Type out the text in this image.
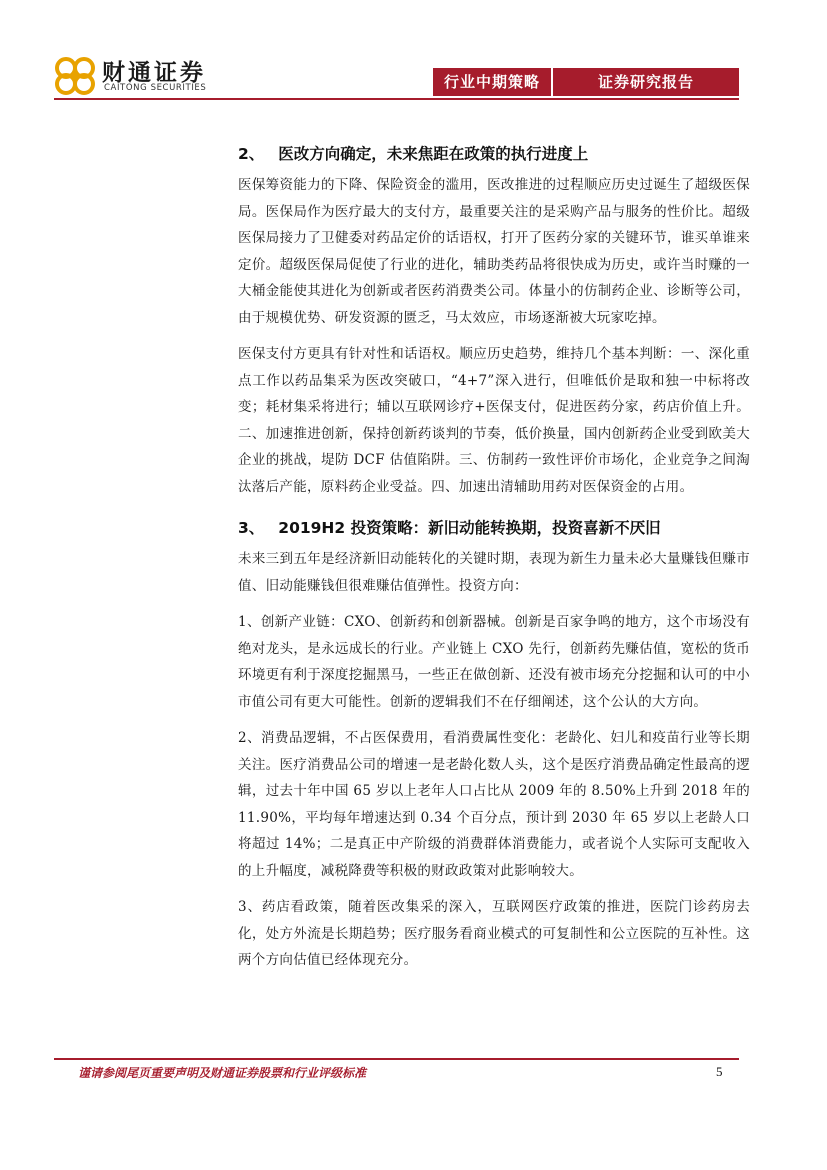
财通证券
CAITONG SECURITIES	行业中期策略	证券研究报告
2、 医改方向确定，未来焦距在政策的执行进度上

医保筹资能力的下降、保险资金的滥用，医改推进的过程顺应历史过诞生了超级医保局。医保局作为医疗最大的支付方，最重要关注的是采购产品与服务的性价比。超级医保局接力了卫健委对药品定价的话语权，打开了医药分家的关键环节，谁买单谁来定价。超级医保局促使了行业的进化，辅助类药品将很快成为历史，或许当时赚的一大桶金能使其进化为创新或者医药消费类公司。体量小的仿制药企业、诊断等公司，由于规模优势、研发资源的匮乏，马太效应，市场逐渐被大玩家吃掉。

医保支付方更具有针对性和话语权。顺应历史趋势，维持几个基本判断：一、深化重点工作以药品集采为医改突破口，“4+7”深入进行，但唯低价是取和独一中标将改变；耗材集采将进行；辅以互联网诊疗+医保支付，促进医药分家，药店价值上升。二、加速推进创新，保持创新药谈判的节奏，低价换量，国内创新药企业受到欧美大企业的挑战，堤防 DCF 估值陷阱。三、仿制药一致性评价市场化，企业竞争之间淘汰落后产能，原料药企业受益。四、加速出清辅助用药对医保资金的占用。

3、 2019H2 投资策略：新旧动能转换期，投资喜新不厌旧

未来三到五年是经济新旧动能转化的关键时期，表现为新生力量未必大量赚钱但赚市值、旧动能赚钱但很难赚估值弹性。投资方向：

1、创新产业链：CXO、创新药和创新器械。创新是百家争鸣的地方，这个市场没有绝对龙头，是永远成长的行业。产业链上 CXO 先行，创新药先赚估值，宽松的货币环境更有利于深度挖掘黑马，一些正在做创新、还没有被市场充分挖掘和认可的中小市值公司有更大可能性。创新的逻辑我们不在仔细阐述，这个公认的大方向。

2、消费品逻辑，不占医保费用，看消费属性变化：老龄化、妇儿和疫苗行业等长期关注。医疗消费品公司的增速一是老龄化数人头，这个是医疗消费品确定性最高的逻辑，过去十年中国 65 岁以上老年人口占比从 2009 年的 8.50%上升到 2018 年的 11.90%，平均每年增速达到 0.34 个百分点，预计到 2030 年 65 岁以上老龄人口将超过 14%；二是真正中产阶级的消费群体消费能力，或者说个人实际可支配收入的上升幅度，减税降费等积极的财政政策对此影响较大。

3、药店看政策，随着医改集采的深入，互联网医疗政策的推进，医院门诊药房去化，处方外流是长期趋势；医疗服务看商业模式的可复制性和公立医院的互补性。这两个方向估值已经体现充分。

谨请参阅尾页重要声明及财通证券股票和行业评级标准	5
